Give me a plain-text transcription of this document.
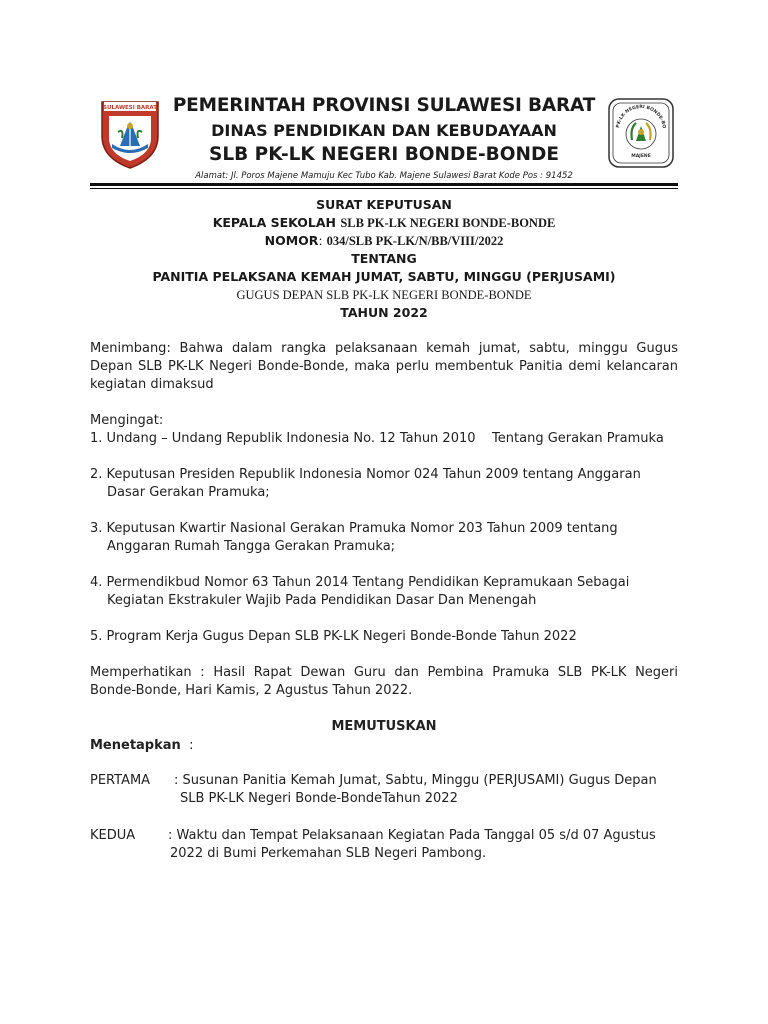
SULAWESI BARAT PEMERINTAH PROVINSI SULAWESI BARAT
DINAS PENDIDIKAN DAN KEBUDAYAAN
SLB PK-LK NEGERI BONDE-BONDE
Alamat: Jl. Poros Majene Mamuju Kec Tubo Kab. Majene Sulawesi Barat Kode Pos : 91452
PK-LK NEGERI BONDE-BO
MAJENE
SURAT KEPUTUSAN
KEPALA SEKOLAH SLB PK-LK NEGERI BONDE-BONDE
NOMOR: 034/SLB PK-LK/N/BB/VIII/2022
TENTANG
PANITIA PELAKSANA KEMAH JUMAT, SABTU, MINGGU (PERJUSAMI)
GUGUS DEPAN SLB PK-LK NEGERI BONDE-BONDE
TAHUN 2022
Menimbang: Bahwa dalam rangka pelaksanaan kemah jumat, sabtu, minggu Gugus Depan SLB PK-LK Negeri Bonde-Bonde, maka perlu membentuk Panitia demi kelancaran kegiatan dimaksud
Mengingat:
1. Undang – Undang Republik Indonesia No. 12 Tahun 2010    Tentang Gerakan Pramuka
2. Keputusan Presiden Republik Indonesia Nomor 024 Tahun 2009 tentang Anggaran
Dasar Gerakan Pramuka;
3. Keputusan Kwartir Nasional Gerakan Pramuka Nomor 203 Tahun 2009 tentang
Anggaran Rumah Tangga Gerakan Pramuka;
4. Permendikbud Nomor 63 Tahun 2014 Tentang Pendidikan Kepramukaan Sebagai
Kegiatan Ekstrakuler Wajib Pada Pendidikan Dasar Dan Menengah
5. Program Kerja Gugus Depan SLB PK-LK Negeri Bonde-Bonde Tahun 2022
Memperhatikan : Hasil Rapat Dewan Guru dan Pembina Pramuka SLB PK-LK Negeri Bonde-Bonde, Hari Kamis, 2 Agustus Tahun 2022.
MEMUTUSKAN
Menetapkan :
PERTAMA	: Susunan Panitia Kemah Jumat, Sabtu, Minggu (PERJUSAMI) Gugus Depan
SLB PK-LK Negeri Bonde-BondeTahun 2022
KEDUA	: Waktu dan Tempat Pelaksanaan Kegiatan Pada Tanggal 05 s/d 07 Agustus
2022 di Bumi Perkemahan SLB Negeri Pambong.
